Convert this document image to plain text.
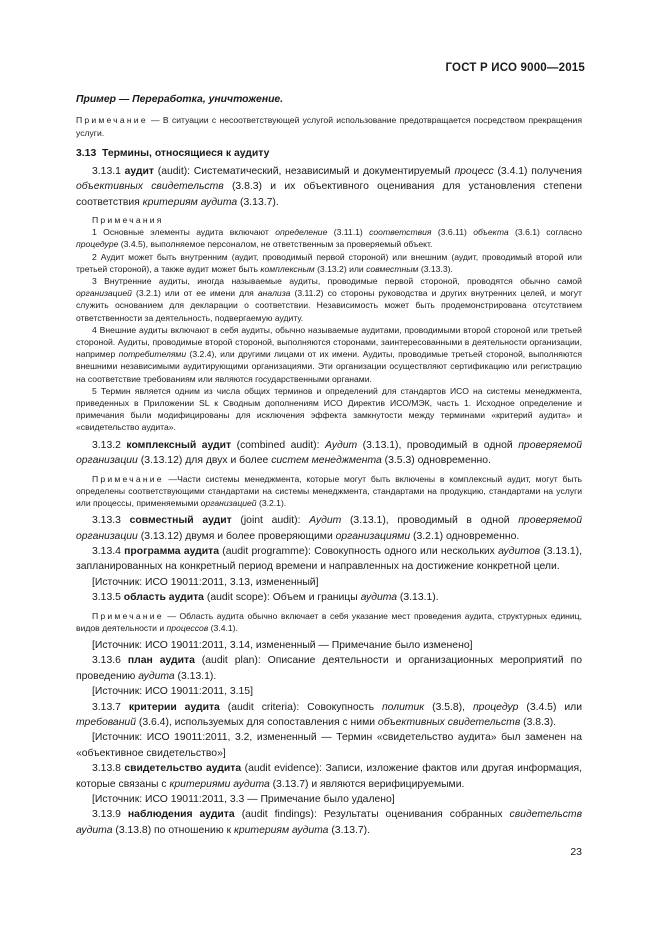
ГОСТ Р ИСО 9000—2015

Пример — Переработка, уничтожение.

Примечание — В ситуации с несоответствующей услугой использование предотвращается посредством прекращения услуги.

3.13 Термины, относящиеся к аудиту

3.13.1 аудит (audit): Систематический, независимый и документируемый процесс (3.4.1) получения объективных свидетельств (3.8.3) и их объективного оценивания для установления степени соответствия критериям аудита (3.13.7).

Примечания

1 Основные элементы аудита включают определение (3.11.1) соответствия (3.6.11) объекта (3.6.1) согласно процедуре (3.4.5), выполняемое персоналом, не ответственным за проверяемый объект.

2 Аудит может быть внутренним (аудит, проводимый первой стороной) или внешним (аудит, проводимый второй или третьей стороной), а также аудит может быть комплексным (3.13.2) или совместным (3.13.3).

3 Внутренние аудиты, иногда называемые аудиты, проводимые первой стороной, проводятся обычно самой организацией (3.2.1) или от ее имени для анализа (3.11.2) со стороны руководства и других внутренних целей, и могут служить основанием для декларации о соответствии. Независимость может быть продемонстрирована отсутствием ответственности за деятельность, подвергаемую аудиту.

4 Внешние аудиты включают в себя аудиты, обычно называемые аудитами, проводимыми второй стороной или третьей стороной. Аудиты, проводимые второй стороной, выполняются сторонами, заинтересованными в деятельности организации, например потребителями (3.2.4), или другими лицами от их имени. Аудиты, проводимые третьей стороной, выполняются внешними независимыми аудитирующими организациями. Эти организации осуществляют сертификацию или регистрацию на соответствие требованиям или являются государственными органами.

5 Термин является одним из числа общих терминов и определений для стандартов ИСО на системы менеджмента, приведенных в Приложении SL к Сводным дополнениям ИСО Директив ИСО/МЭК, часть 1. Исходное определение и примечания были модифицированы для исключения эффекта замкнутости между терминами «критерий аудита» и «свидетельство аудита».

3.13.2 комплексный аудит (combined audit): Аудит (3.13.1), проводимый в одной проверяемой организации (3.13.12) для двух и более систем менеджмента (3.5.3) одновременно.

Примечание —Части системы менеджмента, которые могут быть включены в комплексный аудит, могут быть определены соответствующими стандартами на системы менеджмента, стандартами на продукцию, стандартами на услуги или процессы, применяемыми организацией (3.2.1).

3.13.3 совместный аудит (joint audit): Аудит (3.13.1), проводимый в одной проверяемой организации (3.13.12) двумя и более проверяющими организациями (3.2.1) одновременно.

3.13.4 программа аудита (audit programme): Совокупность одного или нескольких аудитов (3.13.1), запланированных на конкретный период времени и направленных на достижение конкретной цели.

[Источник: ИСО 19011:2011, 3.13, измененный]

3.13.5 область аудита (audit scope): Объем и границы аудита (3.13.1).

Примечание — Область аудита обычно включает в себя указание мест проведения аудита, структурных единиц, видов деятельности и процессов (3.4.1).

[Источник: ИСО 19011:2011, 3.14, измененный — Примечание было изменено]

3.13.6 план аудита (audit plan): Описание деятельности и организационных мероприятий по проведению аудита (3.13.1).

[Источник: ИСО 19011:2011, 3.15]

3.13.7 критерии аудита (audit criteria): Совокупность политик (3.5.8), процедур (3.4.5) или требований (3.6.4), используемых для сопоставления с ними объективных свидетельств (3.8.3).

[Источник: ИСО 19011:2011, 3.2, измененный — Термин «свидетельство аудита» был заменен на «объективное свидетельство»]

3.13.8 свидетельство аудита (audit evidence): Записи, изложение фактов или другая информация, которые связаны с критериями аудита (3.13.7) и являются верифицируемыми.

[Источник: ИСО 19011:2011, 3.3 — Примечание было удалено]

3.13.9 наблюдения аудита (audit findings): Результаты оценивания собранных свидетельств аудита (3.13.8) по отношению к критериям аудита (3.13.7).

23
